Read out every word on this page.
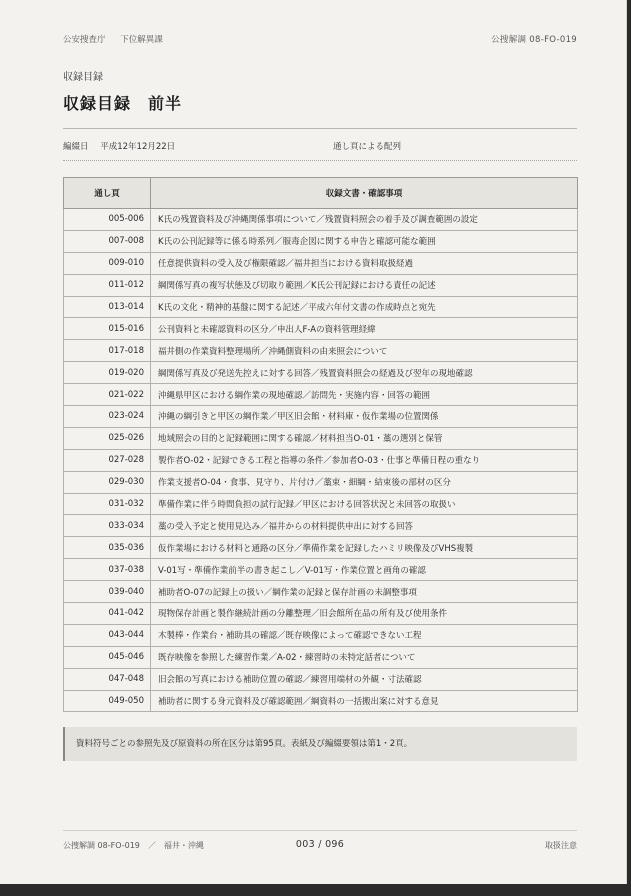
公安捜査庁 下位解異課	公捜解調 08-FO-019
収録目録
収録目録　前半
編綴日 平成12年12月22日	通し頁による配列
通し頁	収録文書・確認事項
005-006	K氏の残置資料及び沖縄関係事項について／残置資料照会の着手及び調査範囲の設定
007-008	K氏の公刊記録等に係る時系列／服毒企図に関する申告と確認可能な範囲
009-010	任意提供資料の受入及び権限確認／福井担当における資料取扱経過
011-012	綱関係写真の複写状態及び切取り範囲／K氏公刊記録における責任の記述
013-014	K氏の文化・精神的基盤に関する記述／平成六年付文書の作成時点と宛先
015-016	公刊資料と未確認資料の区分／申出人F-Aの資料管理経緯
017-018	福井側の作業資料整理場所／沖縄側資料の由来照会について
019-020	綱関係写真及び発送先控えに対する回答／残置資料照会の経過及び翌年の現地確認
021-022	沖縄県甲区における綱作業の現地確認／訪問先・実施内容・回答の範囲
023-024	沖縄の綱引きと甲区の綱作業／甲区旧会館・材料庫・仮作業場の位置関係
025-026	地域照会の目的と記録範囲に関する確認／材料担当O-01・藁の選別と保管
027-028	製作者O-02・記録できる工程と指導の条件／参加者O-03・仕事と準備日程の重なり
029-030	作業支援者O-04・食事、見守り、片付け／藁束・細綱・結束後の部材の区分
031-032	準備作業に伴う時間負担の試行記録／甲区における回答状況と未回答の取扱い
033-034	藁の受入予定と使用見込み／福井からの材料提供申出に対する回答
035-036	仮作業場における材料と通路の区分／準備作業を記録したハミリ映像及びVHS複製
037-038	V-01写・準備作業前半の書き起こし／V-01写・作業位置と画角の確認
039-040	補助者O-07の記録上の扱い／綱作業の記録と保存計画の未調整事項
041-042	現物保存計画と製作継続計画の分離整理／旧会館所在品の所有及び使用条件
043-044	木製棒・作業台・補助具の確認／既存映像によって確認できない工程
045-046	既存映像を参照した練習作業／A-02・練習時の未特定話者について
047-048	旧会館の写真における補助位置の確認／練習用端材の外観・寸法確認
049-050	補助者に関する身元資料及び確認範囲／綱資料の一括搬出案に対する意見
資料符号ごとの参照先及び原資料の所在区分は第95頁。表紙及び編綴要領は第1・2頁。
公捜解調 08-FO-019 ／ 福井・沖縄	003 / 096	取扱注意
